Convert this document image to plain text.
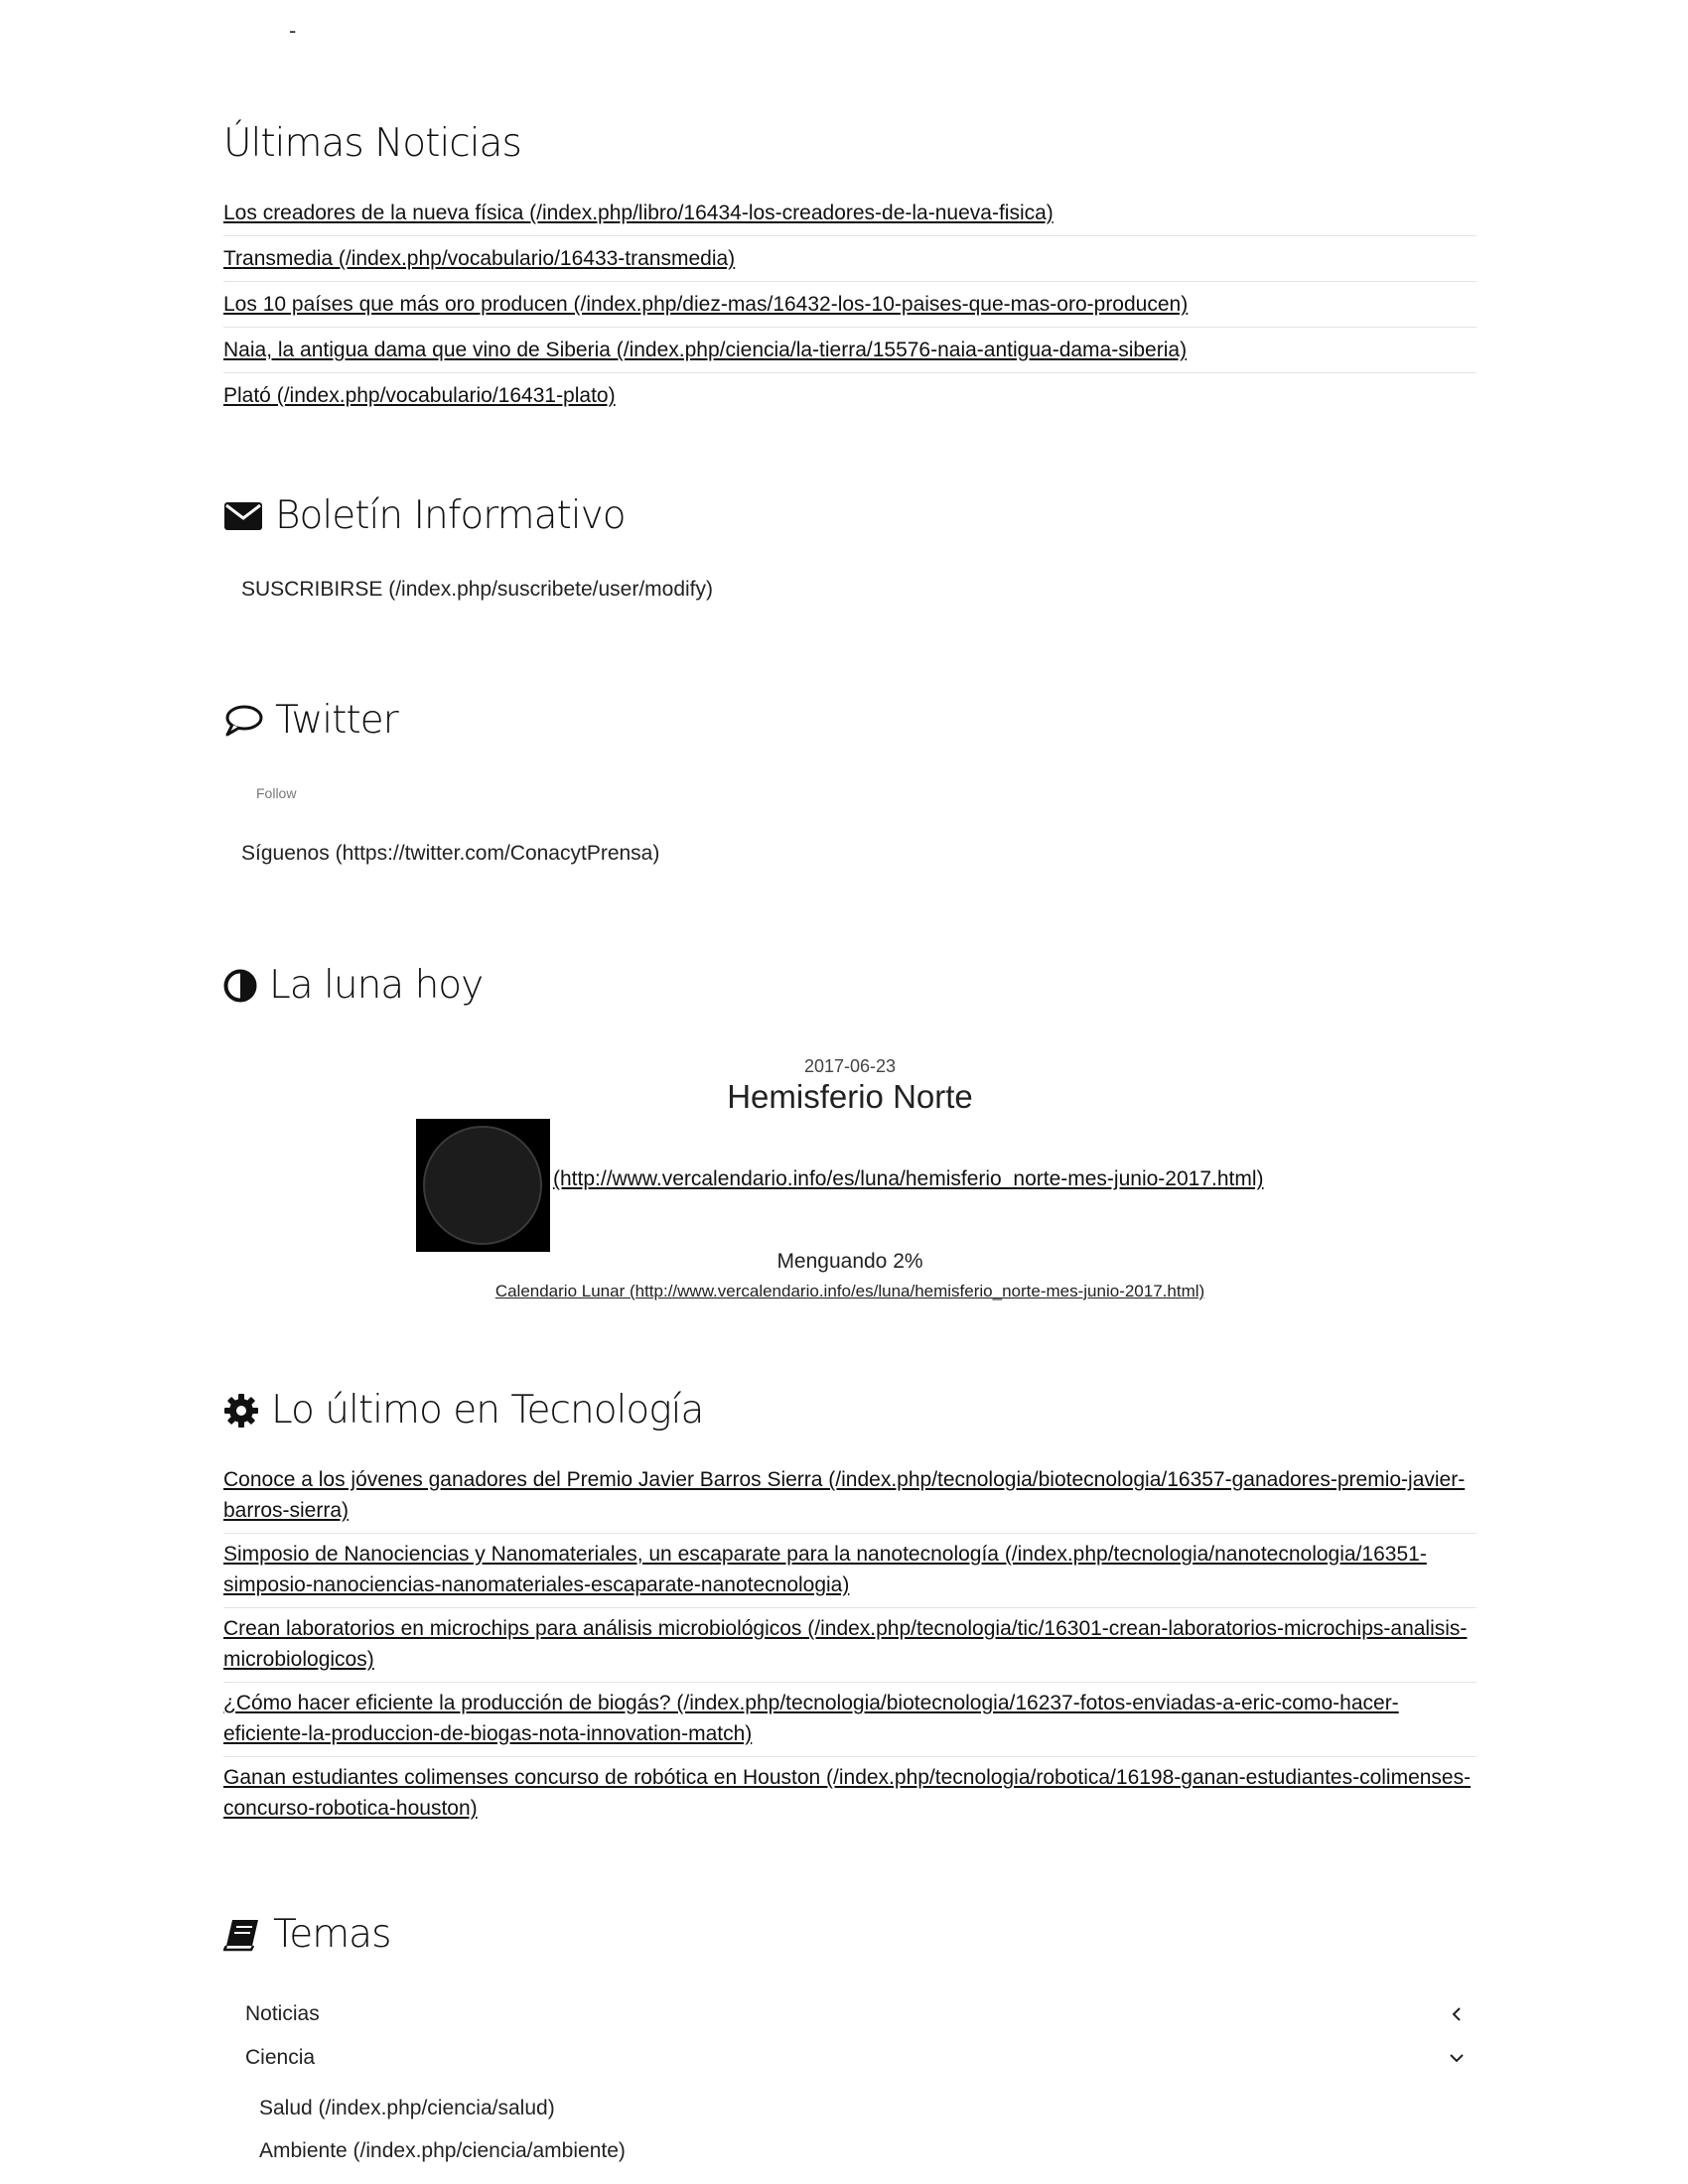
-
Últimas Noticias
Los creadores de la nueva física (/index.php/libro/16434-los-creadores-de-la-nueva-fisica)
Transmedia (/index.php/vocabulario/16433-transmedia)
Los 10 países que más oro producen (/index.php/diez-mas/16432-los-10-paises-que-mas-oro-producen)
Naia, la antigua dama que vino de Siberia (/index.php/ciencia/la-tierra/15576-naia-antigua-dama-siberia)
Plató (/index.php/vocabulario/16431-plato)
Boletín Informativo
SUSCRIBIRSE (/index.php/suscribete/user/modify)
Twitter
Follow
Síguenos (https://twitter.com/ConacytPrensa)
La luna hoy
2017-06-23
Hemisferio Norte
(http://www.vercalendario.info/es/luna/hemisferio_norte-mes-junio-2017.html)
Menguando 2%
Calendario Lunar (http://www.vercalendario.info/es/luna/hemisferio_norte-mes-junio-2017.html)
Lo último en Tecnología
Conoce a los jóvenes ganadores del Premio Javier Barros Sierra (/index.php/tecnologia/biotecnologia/16357-ganadores-premio-javier-barros-sierra)
Simposio de Nanociencias y Nanomateriales, un escaparate para la nanotecnología (/index.php/tecnologia/nanotecnologia/16351-simposio-nanociencias-nanomateriales-escaparate-nanotecnologia)
Crean laboratorios en microchips para análisis microbiológicos (/index.php/tecnologia/tic/16301-crean-laboratorios-microchips-analisis-microbiologicos)
¿Cómo hacer eficiente la producción de biogás? (/index.php/tecnologia/biotecnologia/16237-fotos-enviadas-a-eric-como-hacer-eficiente-la-produccion-de-biogas-nota-innovation-match)
Ganan estudiantes colimenses concurso de robótica en Houston (/index.php/tecnologia/robotica/16198-ganan-estudiantes-colimenses-concurso-robotica-houston)
Temas
Noticias
Ciencia
Salud (/index.php/ciencia/salud)
Ambiente (/index.php/ciencia/ambiente)
